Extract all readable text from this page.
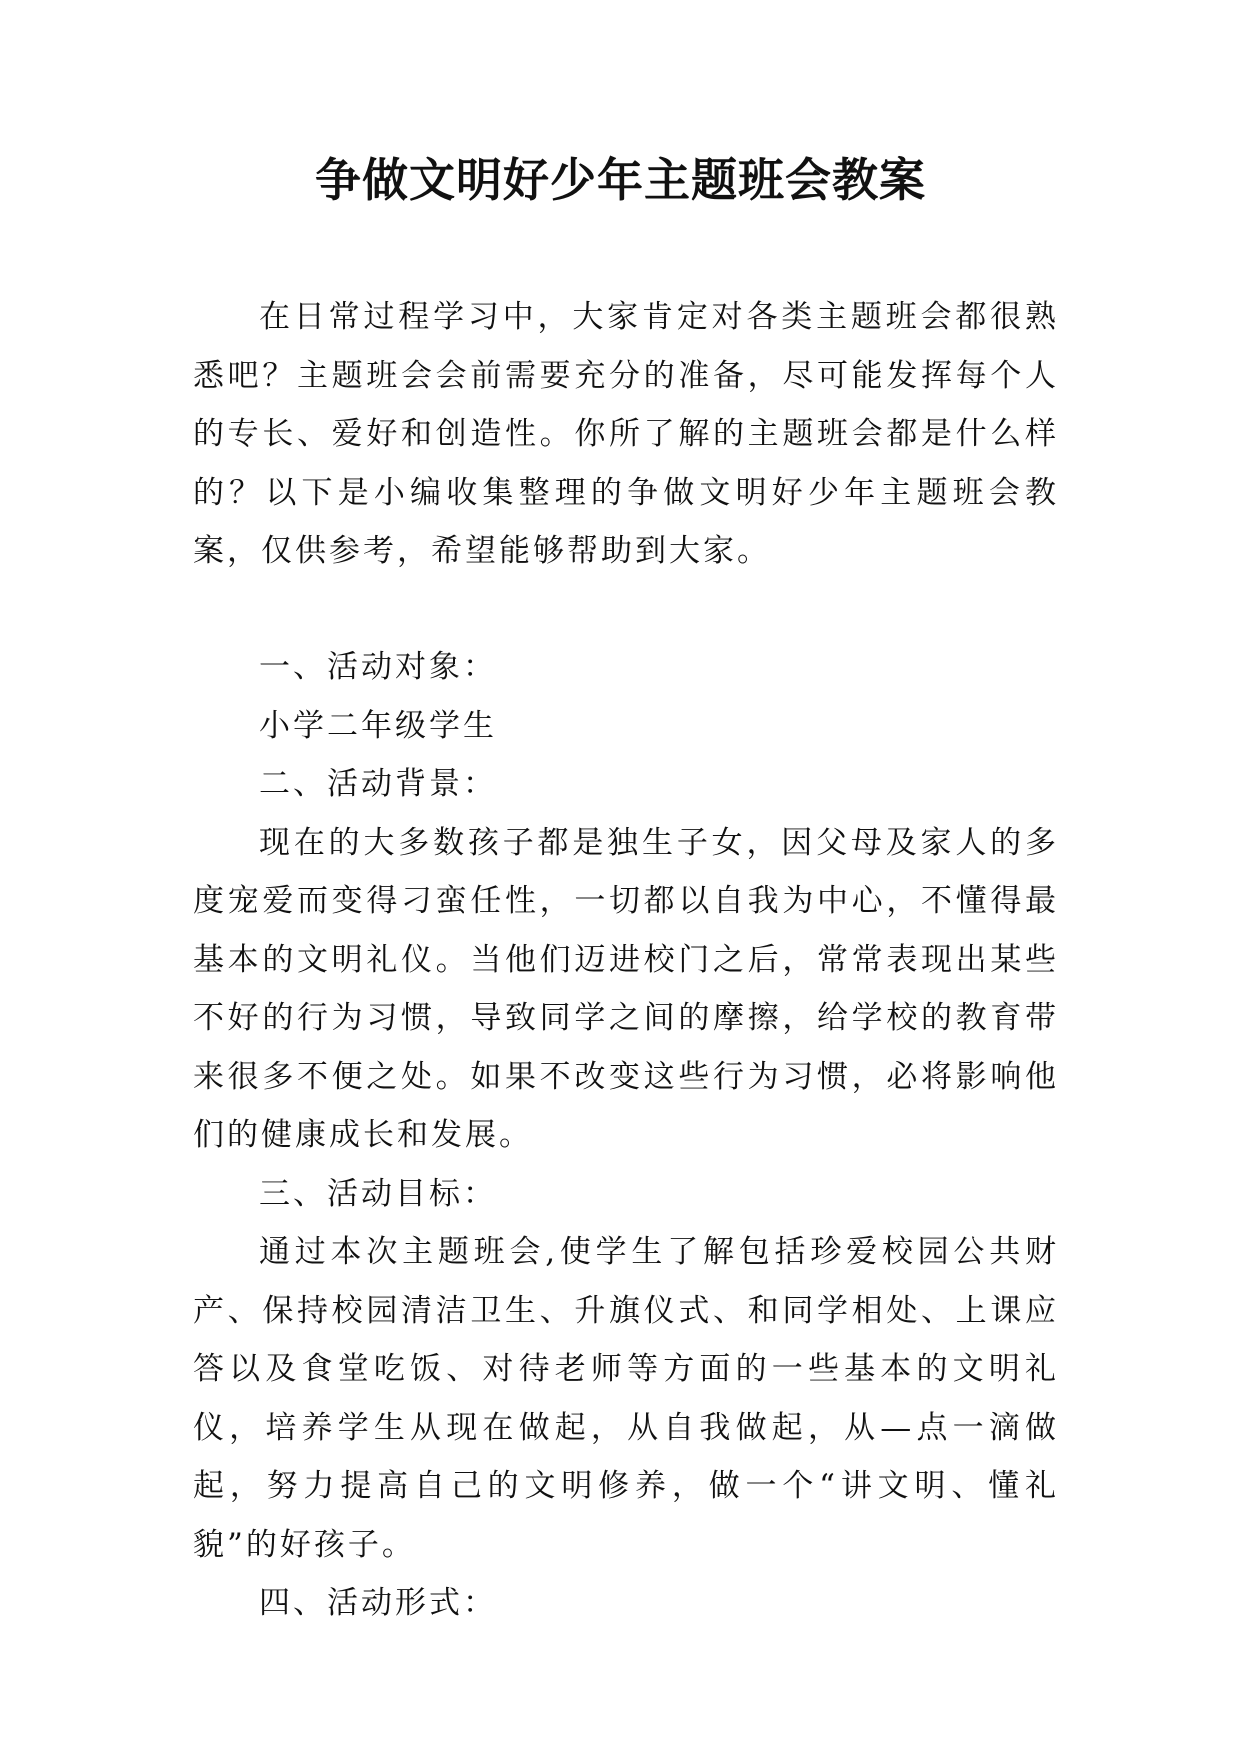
争做文明好少年主题班会教案

在日常过程学习中，大家肯定对各类主题班会都很熟悉吧？主题班会会前需要充分的准备，尽可能发挥每个人的专长、爱好和创造性。你所了解的主题班会都是什么样的？以下是小编收集整理的争做文明好少年主题班会教案，仅供参考，希望能够帮助到大家。

一、活动对象：

小学二年级学生

二、活动背景：

现在的大多数孩子都是独生子女，因父母及家人的多度宠爱而变得刁蛮任性，一切都以自我为中心，不懂得最基本的文明礼仪。当他们迈进校门之后，常常表现出某些不好的行为习惯，导致同学之间的摩擦，给学校的教育带来很多不便之处。如果不改变这些行为习惯，必将影响他们的健康成长和发展。

三、活动目标：

通过本次主题班会,使学生了解包括珍爱校园公共财产、保持校园清洁卫生、升旗仪式、和同学相处、上课应答以及食堂吃饭、对待老师等方面的一些基本的文明礼仪，培养学生从现在做起，从自我做起，从—点一滴做起，努力提高自己的文明修养，做一个“讲文明、懂礼貌”的好孩子。

四、活动形式：
